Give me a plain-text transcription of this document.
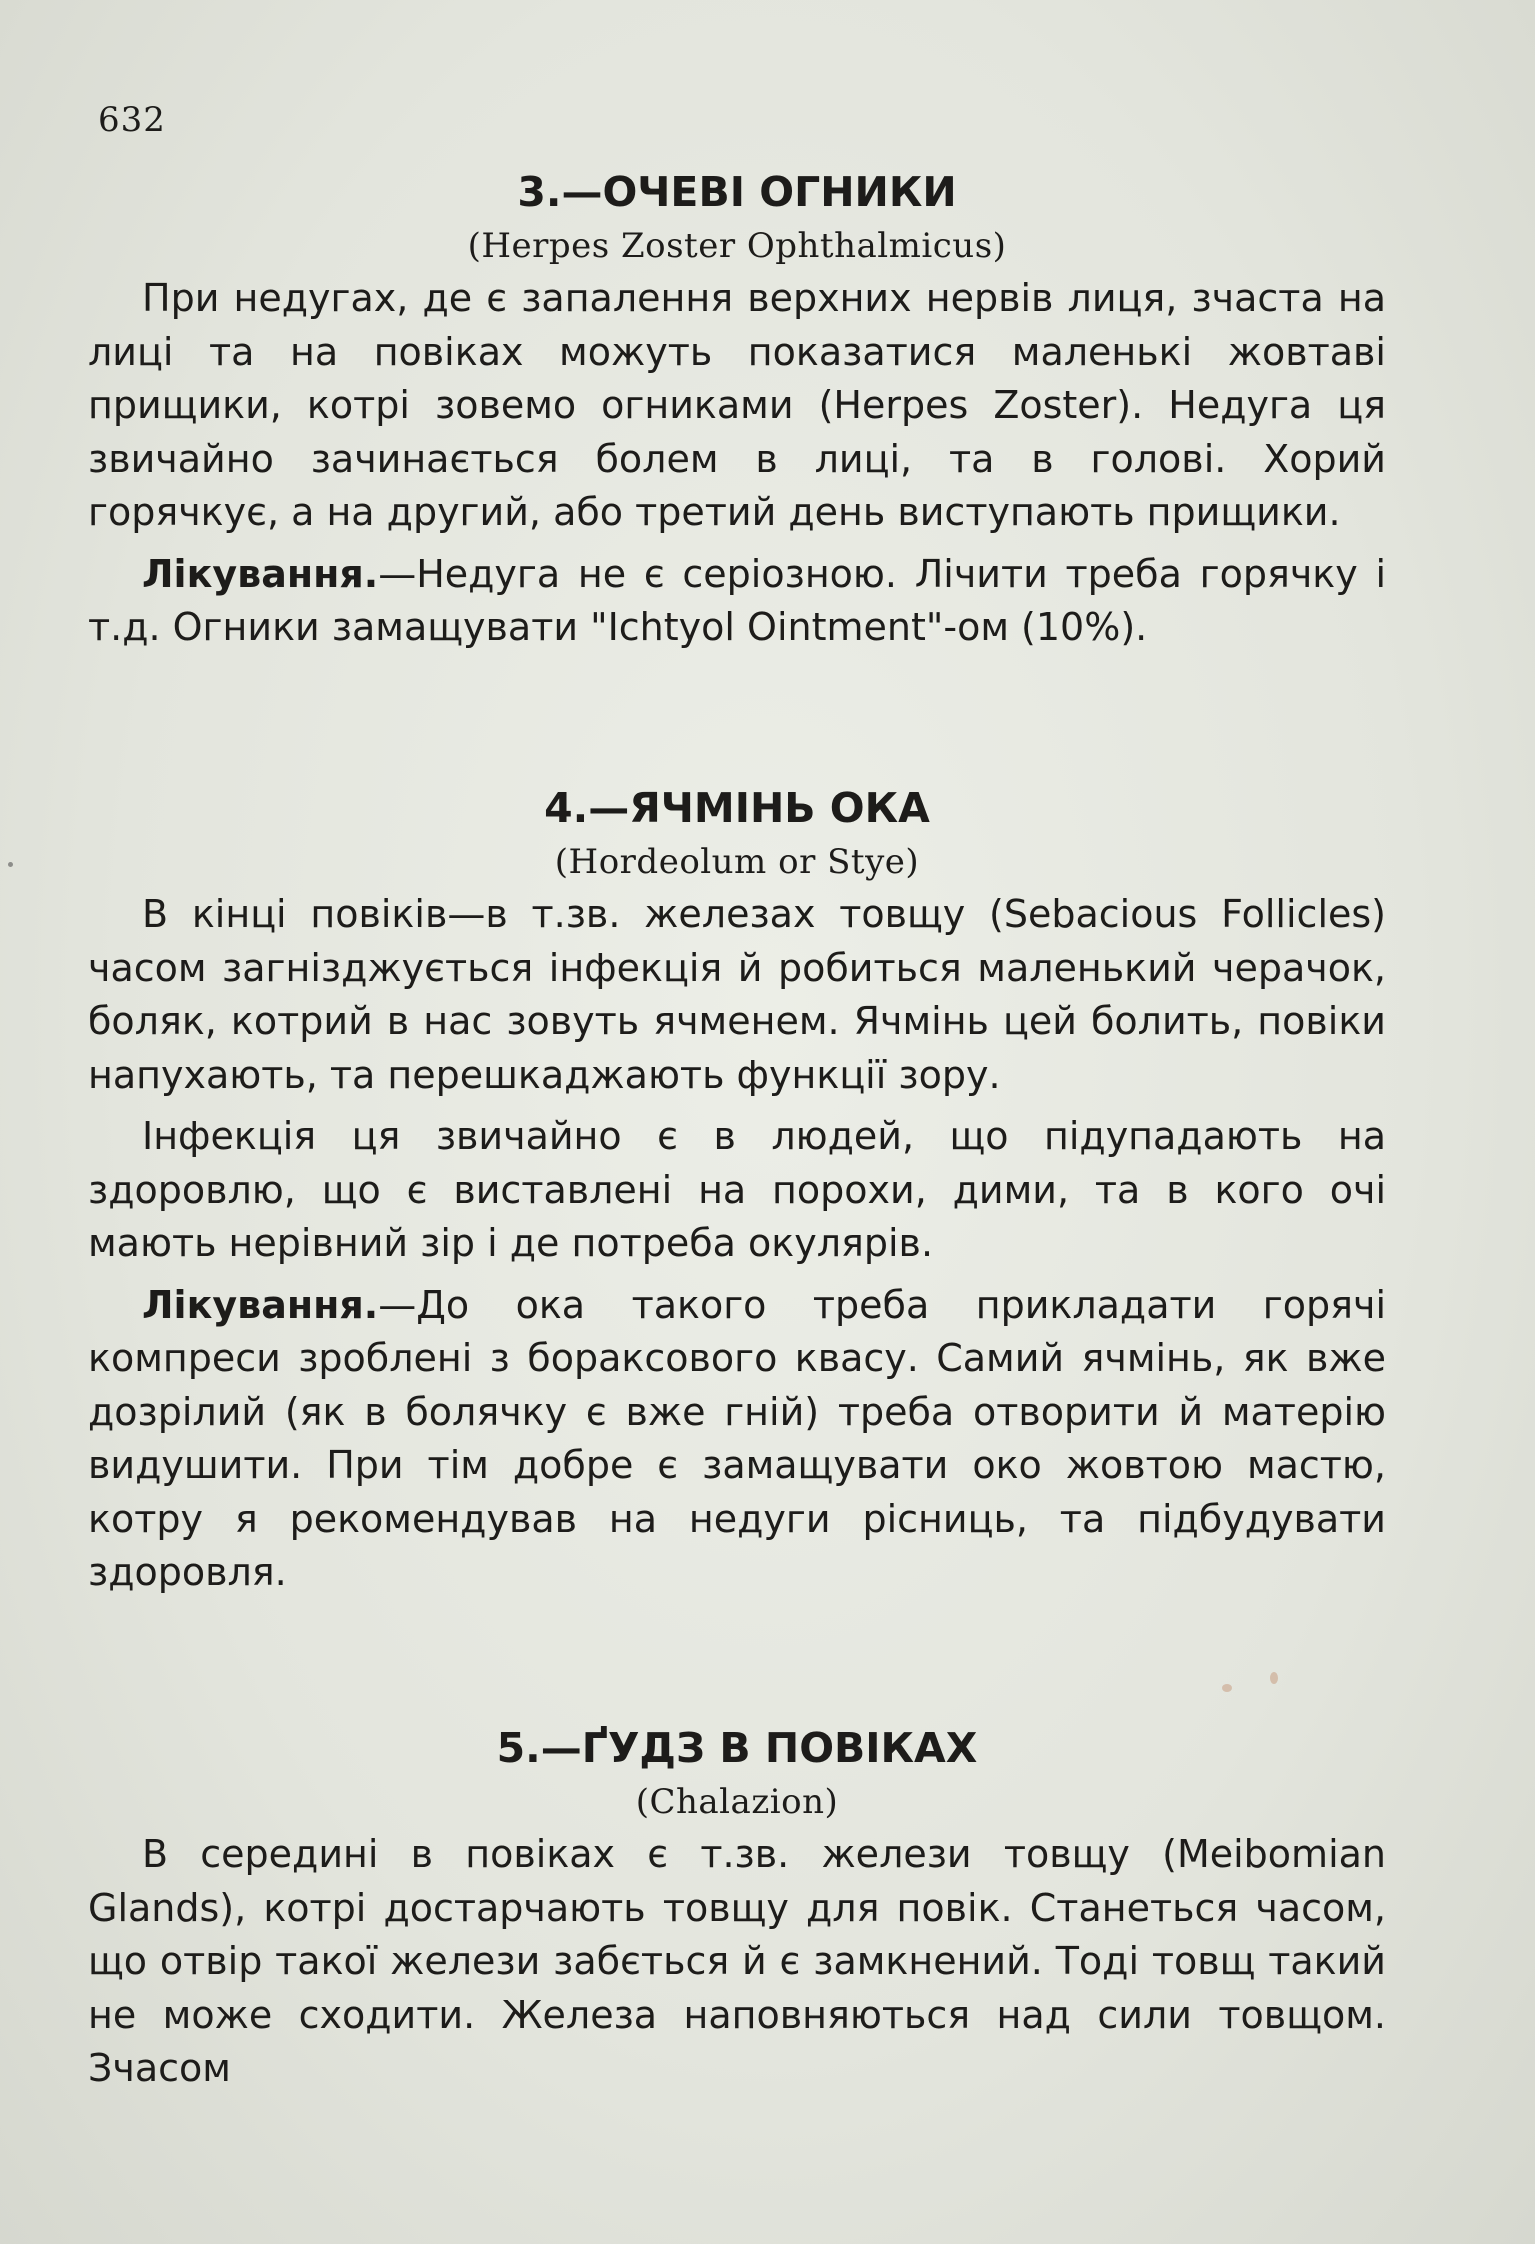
632
3.—ОЧЕВІ ОГНИКИ
(Herpes Zoster Ophthalmicus)

При недугах, де є запалення верхних нервів лиця, зчаста на лиці та на повіках можуть показатися маленькі жовтаві прищики, котрі зовемо огниками (Herpes Zoster). Недуга ця звичайно зачинається болем в лиці, та в голові. Хорий горячкує, а на другий, або третий день виступають прищики.

Лікування.—Недуга не є серіозною. Лічити треба горячку і т.д. Огники замащувати "Ichtyol Ointment"-ом (10%).

4.—ЯЧМІНЬ ОКА
(Hordeolum or Stye)

В кінці повіків—в т.зв. железах товщу (Sebacious Follicles) часом загнізджується інфекція й робиться маленький черачок, боляк, котрий в нас зовуть ячменем. Ячмінь цей болить, повіки напухають, та перешкаджають функції зору.

Інфекція ця звичайно є в людей, що підупадають на здоровлю, що є виставлені на порохи, дими, та в кого очі мають нерівний зір і де потреба окулярів.

Лікування.—До ока такого треба прикладати горячі компреси зроблені з бораксового квасу. Самий ячмінь, як вже дозрілий (як в болячку є вже гній) треба отворити й матерію видушити. При тім добре є замащувати око жовтою мастю, котру я рекомендував на недуги рісниць, та підбудувати здоровля.

5.—ҐУДЗ В ПОВІКАХ
(Chalazion)

В середині в повіках є т.зв. желези товщу (Meibomian Glands), котрі достарчають товщу для повік. Станеться часом, що отвір такої желези забється й є замкнений. Тоді товщ такий не може сходити. Железа наповняються над сили товщом. Зчасом
